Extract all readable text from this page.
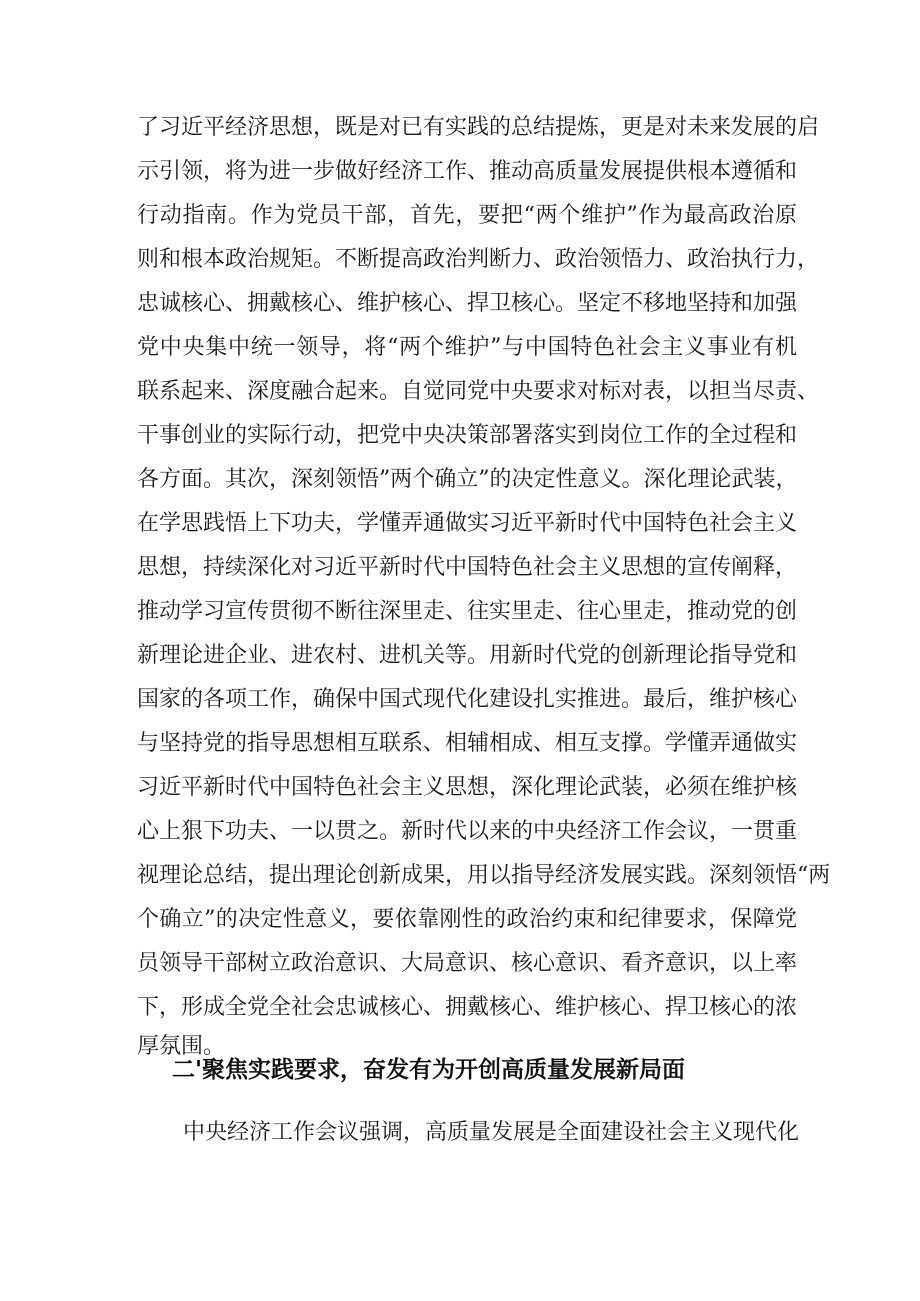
了习近平经济思想，既是对已有实践的总结提炼，更是对未来发展的启
示引领，将为进一步做好经济工作、推动高质量发展提供根本遵循和
行动指南。作为党员干部，首先，要把“两个维护”作为最高政治原
则和根本政治规矩。不断提高政治判断力、政治领悟力、政治执行力，
忠诚核心、拥戴核心、维护核心、捍卫核心。坚定不移地坚持和加强
党中央集中统一领导，将“两个维护”与中国特色社会主义事业有机
联系起来、深度融合起来。自觉同党中央要求对标对表，以担当尽责、
干事创业的实际行动，把党中央决策部署落实到岗位工作的全过程和
各方面。其次，深刻领悟”两个确立”的决定性意义。深化理论武装，
在学思践悟上下功夫，学懂弄通做实习近平新时代中国特色社会主义
思想，持续深化对习近平新时代中国特色社会主义思想的宣传阐释，
推动学习宣传贯彻不断往深里走、往实里走、往心里走，推动党的创
新理论进企业、进农村、进机关等。用新时代党的创新理论指导党和
国家的各项工作，确保中国式现代化建设扎实推进。最后，维护核心
与坚持党的指导思想相互联系、相辅相成、相互支撑。学懂弄通做实
习近平新时代中国特色社会主义思想，深化理论武装，必须在维护核
心上狠下功夫、一以贯之。新时代以来的中央经济工作会议，一贯重
视理论总结，提出理论创新成果，用以指导经济发展实践。深刻领悟“两
个确立”的决定性意义，要依靠刚性的政治约束和纪律要求，保障党
员领导干部树立政治意识、大局意识、核心意识、看齐意识，以上率
下，形成全党全社会忠诚核心、拥戴核心、维护核心、捍卫核心的浓
厚氛围。
二'聚焦实践要求，奋发有为开创高质量发展新局面
中央经济工作会议强调，高质量发展是全面建设社会主义现代化
